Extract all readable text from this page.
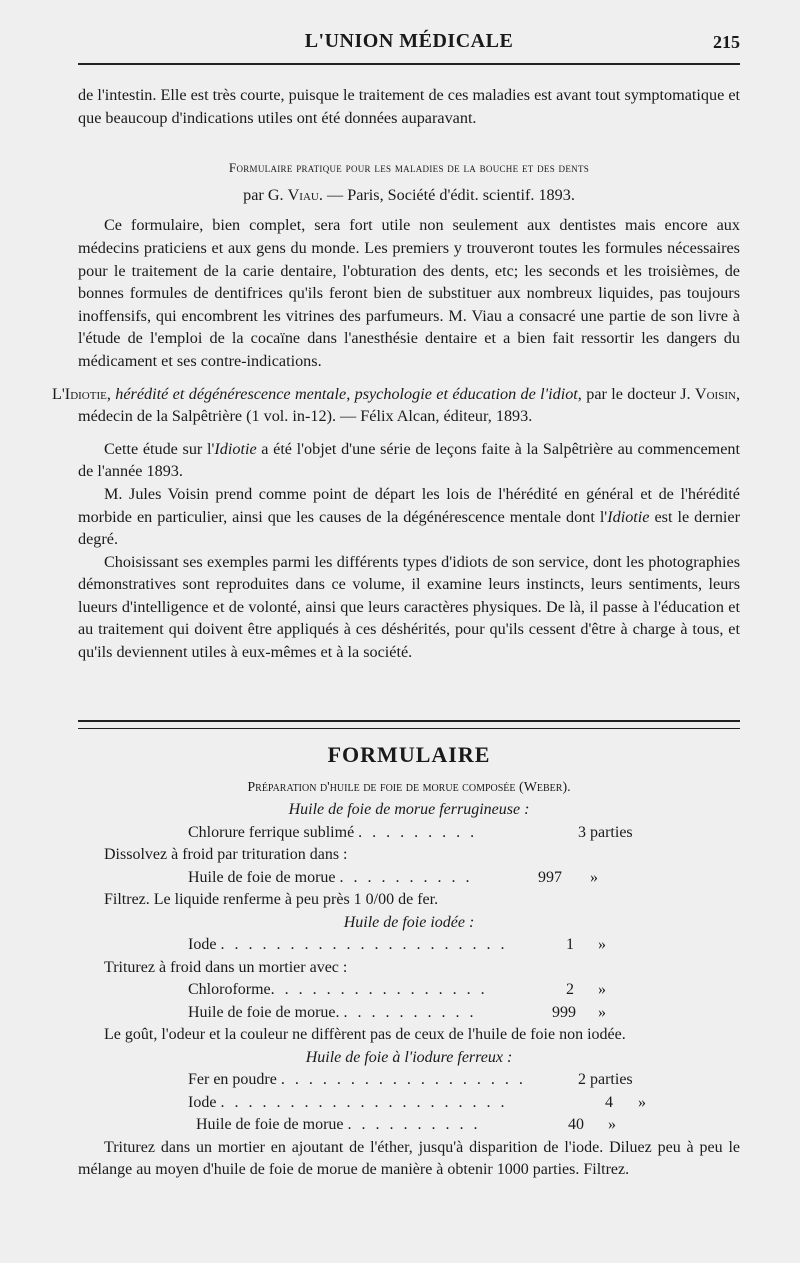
L'UNION MÉDICALE	215

de l'intestin. Elle est très courte, puisque le traitement de ces maladies est avant tout symptomatique et que beaucoup d'indications utiles ont été données auparavant.

Formulaire pratique pour les maladies de la bouche et des dents
par G. Viau. — Paris, Société d'édit. scientif. 1893.

Ce formulaire, bien complet, sera fort utile non seulement aux dentistes mais encore aux médecins praticiens et aux gens du monde. Les premiers y trouveront toutes les formules nécessaires pour le traitement de la carie dentaire, l'obturation des dents, etc; les seconds et les troisièmes, de bonnes formules de dentifrices qu'ils feront bien de substituer aux nombreux liquides, pas toujours inoffensifs, qui encombrent les vitrines des parfumeurs. M. Viau a consacré une partie de son livre à l'étude de l'emploi de la cocaïne dans l'anesthésie dentaire et a bien fait ressortir les dangers du médicament et ses contre-indications.

L'Idiotie, hérédité et dégénérescence mentale, psychologie et éducation de l'idiot, par le docteur J. Voisin, médecin de la Salpêtrière (1 vol. in-12). — Félix Alcan, éditeur, 1893.

Cette étude sur l'Idiotie a été l'objet d'une série de leçons faite à la Salpêtrière au commencement de l'année 1893.

M. Jules Voisin prend comme point de départ les lois de l'hérédité en général et de l'hérédité morbide en particulier, ainsi que les causes de la dégénérescence mentale dont l'Idiotie est le dernier degré.

Choisissant ses exemples parmi les différents types d'idiots de son service, dont les photographies démonstratives sont reproduites dans ce volume, il examine leurs instincts, leurs sentiments, leurs lueurs d'intelligence et de volonté, ainsi que leurs caractères physiques. De là, il passe à l'éducation et au traitement qui doivent être appliqués à ces déshérités, pour qu'ils cessent d'être à charge à tous, et qu'ils deviennent utiles à eux-mêmes et à la société.

FORMULAIRE
Préparation d'huile de foie de morue composée (Weber).
Huile de foie de morue ferrugineuse :
Chlorure ferrique sublimé . . . . . . . . .	3 parties
Dissolvez à froid par trituration dans :
Huile de foie de morue . . . . . . . . . .	997 »
Filtrez. Le liquide renferme à peu près 1 0/00 de fer.
Huile de foie iodée :
Iode . . . . . . . . . . . . . . . . . . . . .	1 »
Triturez à froid dans un mortier avec :
Chloroforme. . . . . . . . . . . . . . . .	2 »
Huile de foie de morue. . . . . . . . . . .	999 »
Le goût, l'odeur et la couleur ne diffèrent pas de ceux de l'huile de foie non iodée.
Huile de foie à l'iodure ferreux :
Fer en poudre . . . . . . . . . . . . . . . . . .	2 parties
Iode . . . . . . . . . . . . . . . . . . . . .	4 »
Huile de foie de morue . . . . . . . . . .	40 »

Triturez dans un mortier en ajoutant de l'éther, jusqu'à disparition de l'iode. Diluez peu à peu le mélange au moyen d'huile de foie de morue de manière à obtenir 1000 parties. Filtrez.
